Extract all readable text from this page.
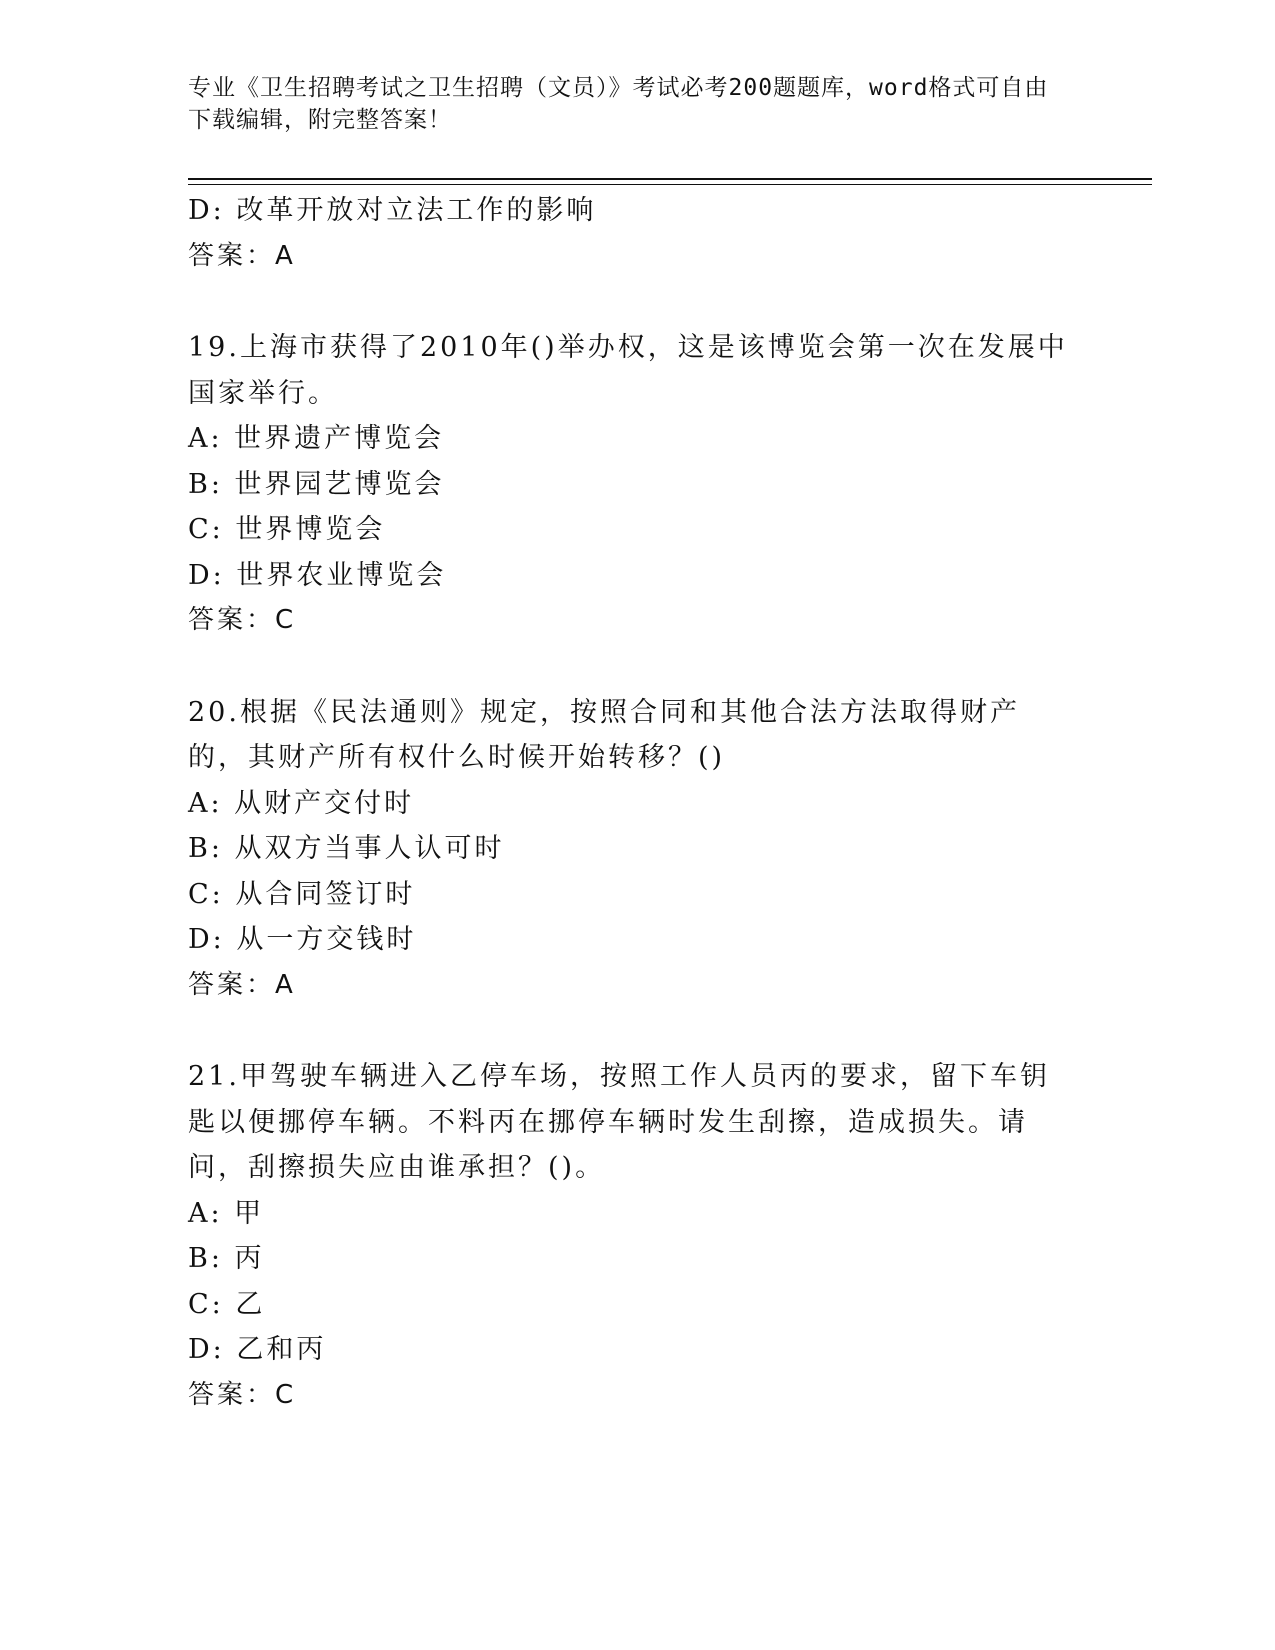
专业《卫生招聘考试之卫生招聘（文员）》考试必考200题题库，word格式可自由下载编辑，附完整答案！
D: 改革开放对立法工作的影响
答案：A
19.上海市获得了2010年()举办权，这是该博览会第一次在发展中国家举行。
A: 世界遗产博览会
B: 世界园艺博览会
C: 世界博览会
D: 世界农业博览会
答案：C
20.根据《民法通则》规定，按照合同和其他合法方法取得财产的，其财产所有权什么时候开始转移？()
A: 从财产交付时
B: 从双方当事人认可时
C: 从合同签订时
D: 从一方交钱时
答案：A
21.甲驾驶车辆进入乙停车场，按照工作人员丙的要求，留下车钥匙以便挪停车辆。不料丙在挪停车辆时发生刮擦，造成损失。请问，刮擦损失应由谁承担？()。
A: 甲
B: 丙
C: 乙
D: 乙和丙
答案：C
